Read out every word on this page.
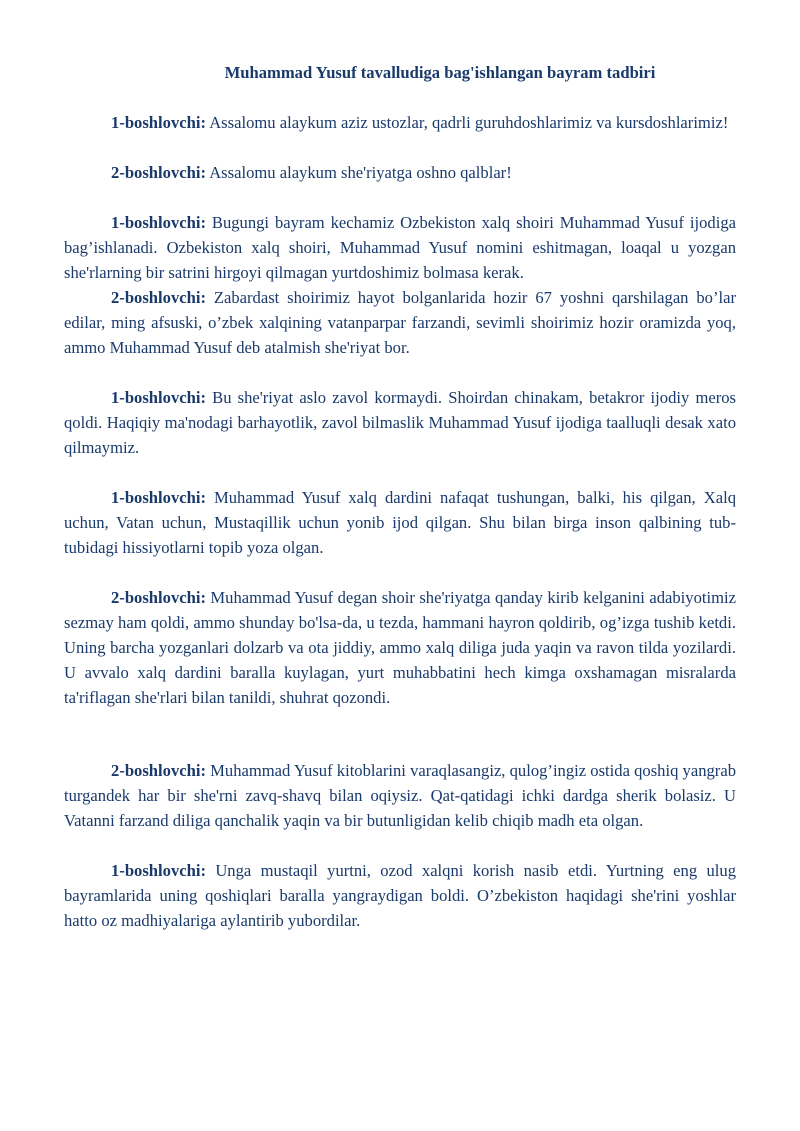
Muhammad Yusuf tavalludiga bag'ishlangan bayram tadbiri

1-boshlovchi: Assalomu alaykum aziz ustozlar, qadrli guruhdoshlarimiz va kursdoshlarimiz!

2-boshlovchi: Assalomu alaykum she'riyatga oshno qalblar!

1-boshlovchi: Bugungi bayram kechamiz Ozbekiston xalq shoiri Muhammad Yusuf ijodiga bag’ishlanadi. Ozbekiston xalq shoiri, Muhammad Yusuf nomini eshitmagan, loaqal u yozgan she'rlarning bir satrini hirgoyi qilmagan yurtdoshimiz bolmasa kerak.

2-boshlovchi: Zabardast shoirimiz hayot bolganlarida hozir 67 yoshni qarshilagan bo’lar edilar, ming afsuski, o’zbek xalqining vatanparpar farzandi, sevimli shoirimiz hozir oramizda yoq, ammo Muhammad Yusuf deb atalmish she'riyat bor.

1-boshlovchi: Bu she'riyat aslo zavol kormaydi. Shoirdan chinakam, betakror ijodiy meros qoldi. Haqiqiy ma'nodagi barhayotlik, zavol bilmaslik Muhammad Yusuf ijodiga taalluqli desak xato qilmaymiz.

1-boshlovchi: Muhammad Yusuf xalq dardini nafaqat tushungan, balki, his qilgan, Xalq uchun, Vatan uchun, Mustaqillik uchun yonib ijod qilgan. Shu bilan birga inson qalbining tub-tubidagi hissiyotlarni topib yoza olgan.

2-boshlovchi: Muhammad Yusuf degan shoir she'riyatga qanday kirib kelganini adabiyotimiz sezmay ham qoldi, ammo shunday bo'lsa-da, u tezda, hammani hayron qoldirib, og’izga tushib ketdi. Uning barcha yozganlari dolzarb va ota jiddiy, ammo xalq diliga juda yaqin va ravon tilda yozilardi. U avvalo xalq dardini baralla kuylagan, yurt muhabbatini hech kimga oxshamagan misralarda ta'riflagan she'rlari bilan tanildi, shuhrat qozondi.

2-boshlovchi: Muhammad Yusuf kitoblarini varaqlasangiz, qulog’ingiz ostida qoshiq yangrab turgandek har bir she'rni zavq-shavq bilan oqiysiz. Qat-qatidagi ichki dardga sherik bolasiz. U Vatanni farzand diliga qanchalik yaqin va bir butunligidan kelib chiqib madh eta olgan.

1-boshlovchi: Unga mustaqil yurtni, ozod xalqni korish nasib etdi. Yurtning eng ulug bayramlarida uning qoshiqlari baralla yangraydigan boldi. O’zbekiston haqidagi she'rini yoshlar hatto oz madhiyalariga aylantirib yubordilar.
